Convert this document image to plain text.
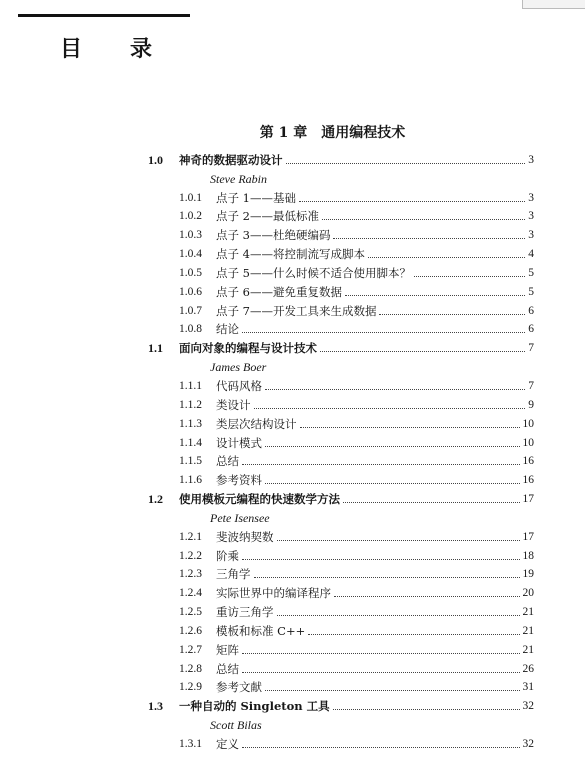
目 录
第 1 章　通用编程技术
1.0	神奇的数据驱动设计	3
Steve Rabin
1.0.1	点子 1——基础	3
1.0.2	点子 2——最低标准	3
1.0.3	点子 3——杜绝硬编码	3
1.0.4	点子 4——将控制流写成脚本	4
1.0.5	点子 5——什么时候不适合使用脚本？	5
1.0.6	点子 6——避免重复数据	5
1.0.7	点子 7——开发工具来生成数据	6
1.0.8	结论	6
1.1	面向对象的编程与设计技术	7
James Boer
1.1.1	代码风格	7
1.1.2	类设计	9
1.1.3	类层次结构设计	10
1.1.4	设计模式	10
1.1.5	总结	16
1.1.6	参考资料	16
1.2	使用模板元编程的快速数学方法	17
Pete Isensee
1.2.1	斐波纳契数	17
1.2.2	阶乘	18
1.2.3	三角学	19
1.2.4	实际世界中的编译程序	20
1.2.5	重访三角学	21
1.2.6	模板和标准 C++	21
1.2.7	矩阵	21
1.2.8	总结	26
1.2.9	参考文献	31
1.3	一种自动的 Singleton 工具	32
Scott Bilas
1.3.1	定义	32
